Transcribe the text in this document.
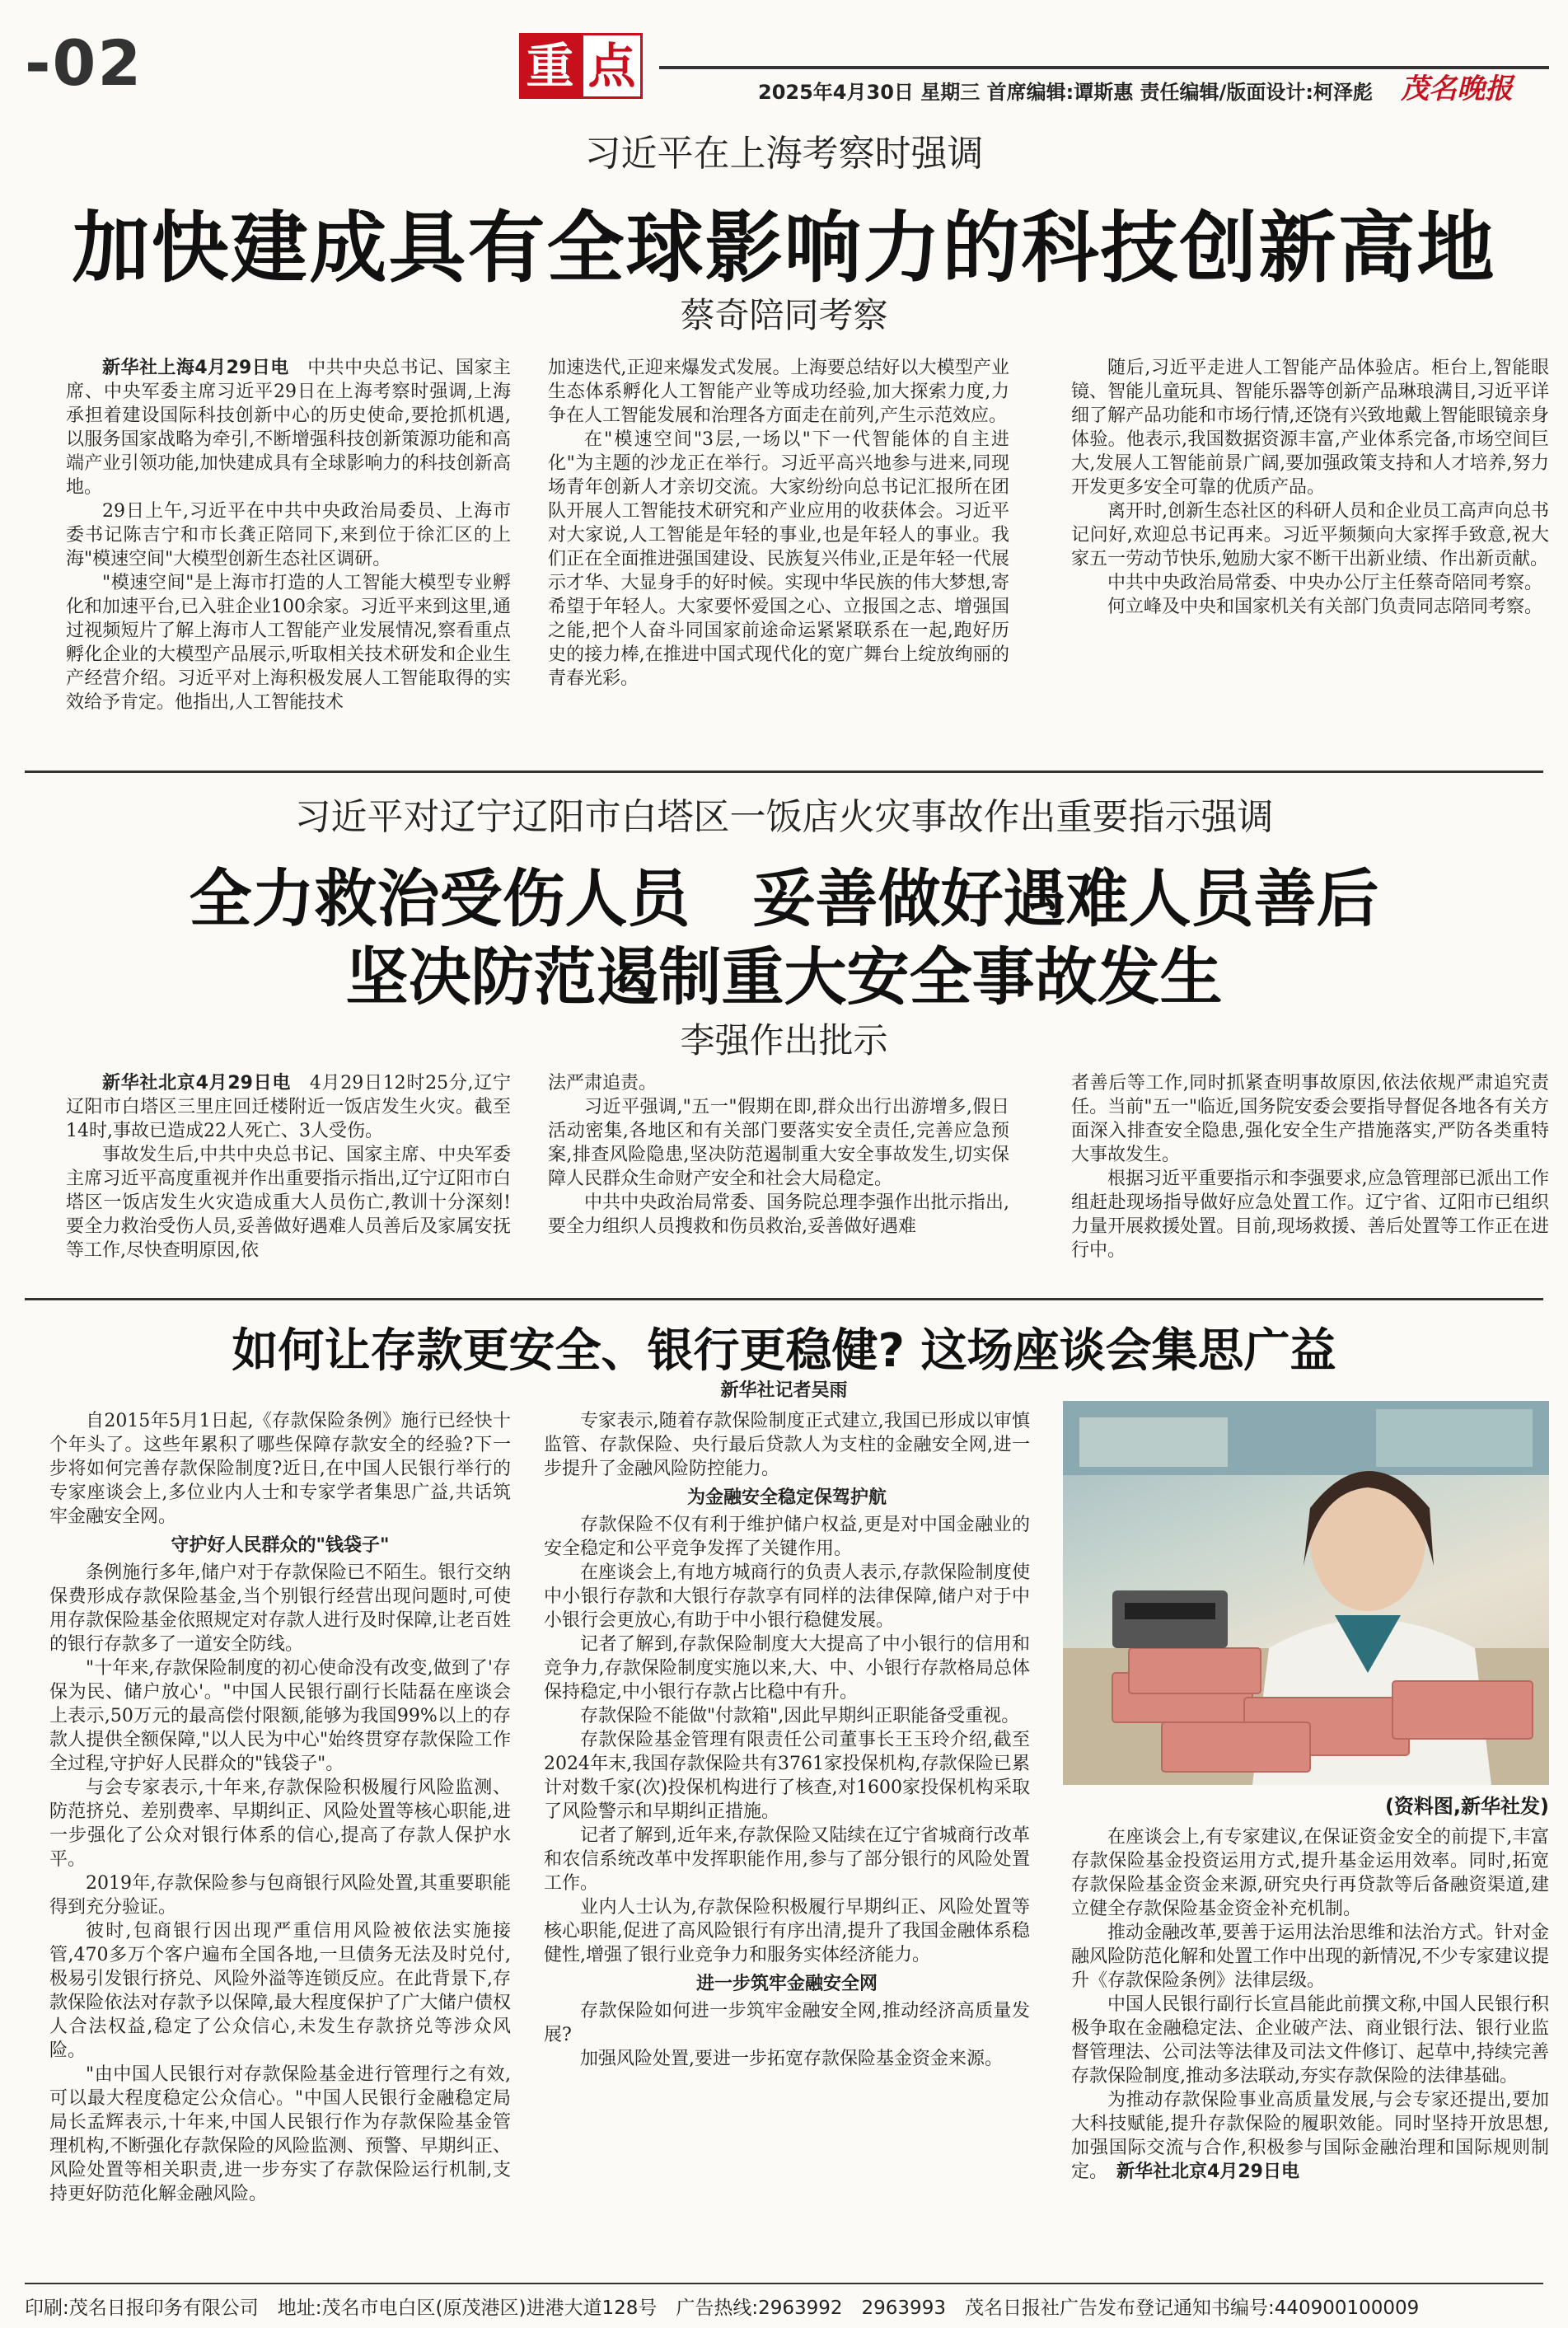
-02	重 点	2025年4月30日 星期三 首席编辑:谭斯惠 责任编辑/版面设计:柯泽彪 茂名晚报
习近平在上海考察时强调
加快建成具有全球影响力的科技创新高地
蔡奇陪同考察

新华社上海4月29日电　 中共中央总书记、国家主席、中央军委主席习近平29日在上海考察时强调,上海承担着建设国际科技创新中心的历史使命,要抢抓机遇,以服务国家战略为牵引,不断增强科技创新策源功能和高端产业引领功能,加快建成具有全球影响力的科技创新高地。

29日上午,习近平在中共中央政治局委员、上海市委书记陈吉宁和市长龚正陪同下,来到位于徐汇区的上海"模速空间"大模型创新生态社区调研。

"模速空间"是上海市打造的人工智能大模型专业孵化和加速平台,已入驻企业100余家。习近平来到这里,通过视频短片了解上海市人工智能产业发展情况,察看重点孵化企业的大模型产品展示,听取相关技术研发和企业生产经营介绍。习近平对上海积极发展人工智能取得的实效给予肯定。他指出,人工智能技术

加速迭代,正迎来爆发式发展。上海要总结好以大模型产业生态体系孵化人工智能产业等成功经验,加大探索力度,力争在人工智能发展和治理各方面走在前列,产生示范效应。

在"模速空间"3层,一场以"下一代智能体的自主进化"为主题的沙龙正在举行。习近平高兴地参与进来,同现场青年创新人才亲切交流。大家纷纷向总书记汇报所在团队开展人工智能技术研究和产业应用的收获体会。习近平对大家说,人工智能是年轻的事业,也是年轻人的事业。我们正在全面推进强国建设、民族复兴伟业,正是年轻一代展示才华、大显身手的好时候。实现中华民族的伟大梦想,寄希望于年轻人。大家要怀爱国之心、立报国之志、增强国之能,把个人奋斗同国家前途命运紧紧联系在一起,跑好历史的接力棒,在推进中国式现代化的宽广舞台上绽放绚丽的青春光彩。

随后,习近平走进人工智能产品体验店。柜台上,智能眼镜、智能儿童玩具、智能乐器等创新产品琳琅满目,习近平详细了解产品功能和市场行情,还饶有兴致地戴上智能眼镜亲身体验。他表示,我国数据资源丰富,产业体系完备,市场空间巨大,发展人工智能前景广阔,要加强政策支持和人才培养,努力开发更多安全可靠的优质产品。

离开时,创新生态社区的科研人员和企业员工高声向总书记问好,欢迎总书记再来。习近平频频向大家挥手致意,祝大家五一劳动节快乐,勉励大家不断干出新业绩、作出新贡献。

中共中央政治局常委、中央办公厅主任蔡奇陪同考察。

何立峰及中央和国家机关有关部门负责同志陪同考察。

习近平对辽宁辽阳市白塔区一饭店火灾事故作出重要指示强调
全力救治受伤人员　妥善做好遇难人员善后
坚决防范遏制重大安全事故发生
李强作出批示

新华社北京4月29日电　 4月29日12时25分,辽宁辽阳市白塔区三里庄回迁楼附近一饭店发生火灾。截至14时,事故已造成22人死亡、3人受伤。

事故发生后,中共中央总书记、国家主席、中央军委主席习近平高度重视并作出重要指示指出,辽宁辽阳市白塔区一饭店发生火灾造成重大人员伤亡,教训十分深刻!要全力救治受伤人员,妥善做好遇难人员善后及家属安抚等工作,尽快查明原因,依

法严肃追责。

习近平强调,"五一"假期在即,群众出行出游增多,假日活动密集,各地区和有关部门要落实安全责任,完善应急预案,排查风险隐患,坚决防范遏制重大安全事故发生,切实保障人民群众生命财产安全和社会大局稳定。

中共中央政治局常委、国务院总理李强作出批示指出,要全力组织人员搜救和伤员救治,妥善做好遇难

者善后等工作,同时抓紧查明事故原因,依法依规严肃追究责任。当前"五一"临近,国务院安委会要指导督促各地各有关方面深入排查安全隐患,强化安全生产措施落实,严防各类重特大事故发生。

根据习近平重要指示和李强要求,应急管理部已派出工作组赶赴现场指导做好应急处置工作。辽宁省、辽阳市已组织力量开展救援处置。目前,现场救援、善后处置等工作正在进行中。

如何让存款更安全、银行更稳健? 这场座谈会集思广益
新华社记者吴雨

自2015年5月1日起,《存款保险条例》施行已经快十个年头了。这些年累积了哪些保障存款安全的经验?下一步将如何完善存款保险制度?近日,在中国人民银行举行的专家座谈会上,多位业内人士和专家学者集思广益,共话筑牢金融安全网。

守护好人民群众的"钱袋子"

条例施行多年,储户对于存款保险已不陌生。银行交纳保费形成存款保险基金,当个别银行经营出现问题时,可使用存款保险基金依照规定对存款人进行及时保障,让老百姓的银行存款多了一道安全防线。

"十年来,存款保险制度的初心使命没有改变,做到了'存保为民、储户放心'。"中国人民银行副行长陆磊在座谈会上表示,50万元的最高偿付限额,能够为我国99%以上的存款人提供全额保障,"以人民为中心"始终贯穿存款保险工作全过程,守护好人民群众的"钱袋子"。

与会专家表示,十年来,存款保险积极履行风险监测、防范挤兑、差别费率、早期纠正、风险处置等核心职能,进一步强化了公众对银行体系的信心,提高了存款人保护水平。

2019年,存款保险参与包商银行风险处置,其重要职能得到充分验证。

彼时,包商银行因出现严重信用风险被依法实施接管,470多万个客户遍布全国各地,一旦债务无法及时兑付,极易引发银行挤兑、风险外溢等连锁反应。在此背景下,存款保险依法对存款予以保障,最大程度保护了广大储户债权人合法权益,稳定了公众信心,未发生存款挤兑等涉众风险。

"由中国人民银行对存款保险基金进行管理行之有效,可以最大程度稳定公众信心。"中国人民银行金融稳定局局长孟辉表示,十年来,中国人民银行作为存款保险基金管理机构,不断强化存款保险的风险监测、预警、早期纠正、风险处置等相关职责,进一步夯实了存款保险运行机制,支持更好防范化解金融风险。

专家表示,随着存款保险制度正式建立,我国已形成以审慎监管、存款保险、央行最后贷款人为支柱的金融安全网,进一步提升了金融风险防控能力。

为金融安全稳定保驾护航

存款保险不仅有利于维护储户权益,更是对中国金融业的安全稳定和公平竞争发挥了关键作用。

在座谈会上,有地方城商行的负责人表示,存款保险制度使中小银行存款和大银行存款享有同样的法律保障,储户对于中小银行会更放心,有助于中小银行稳健发展。

记者了解到,存款保险制度大大提高了中小银行的信用和竞争力,存款保险制度实施以来,大、中、小银行存款格局总体保持稳定,中小银行存款占比稳中有升。

存款保险不能做"付款箱",因此早期纠正职能备受重视。

存款保险基金管理有限责任公司董事长王玉玲介绍,截至2024年末,我国存款保险共有3761家投保机构,存款保险已累计对数千家(次)投保机构进行了核查,对1600家投保机构采取了风险警示和早期纠正措施。

记者了解到,近年来,存款保险又陆续在辽宁省城商行改革和农信系统改革中发挥职能作用,参与了部分银行的风险处置工作。

业内人士认为,存款保险积极履行早期纠正、风险处置等核心职能,促进了高风险银行有序出清,提升了我国金融体系稳健性,增强了银行业竞争力和服务实体经济能力。

进一步筑牢金融安全网

存款保险如何进一步筑牢金融安全网,推动经济高质量发展?

加强风险处置,要进一步拓宽存款保险基金资金来源。

(资料图,新华社发)

在座谈会上,有专家建议,在保证资金安全的前提下,丰富存款保险基金投资运用方式,提升基金运用效率。同时,拓宽存款保险基金资金来源,研究央行再贷款等后备融资渠道,建立健全存款保险基金资金补充机制。

推动金融改革,要善于运用法治思维和法治方式。针对金融风险防范化解和处置工作中出现的新情况,不少专家建议提升《存款保险条例》法律层级。

中国人民银行副行长宣昌能此前撰文称,中国人民银行积极争取在金融稳定法、企业破产法、商业银行法、银行业监督管理法、公司法等法律及司法文件修订、起草中,持续完善存款保险制度,推动多法联动,夯实存款保险的法律基础。

为推动存款保险事业高质量发展,与会专家还提出,要加大科技赋能,提升存款保险的履职效能。同时坚持开放思想,加强国际交流与合作,积极参与国际金融治理和国际规则制定。　 新华社北京4月29日电

印刷:茂名日报印务有限公司　地址:茂名市电白区(原茂港区)进港大道128号　广告热线:2963992　2963993　茂名日报社广告发布登记通知书编号:440900100009
